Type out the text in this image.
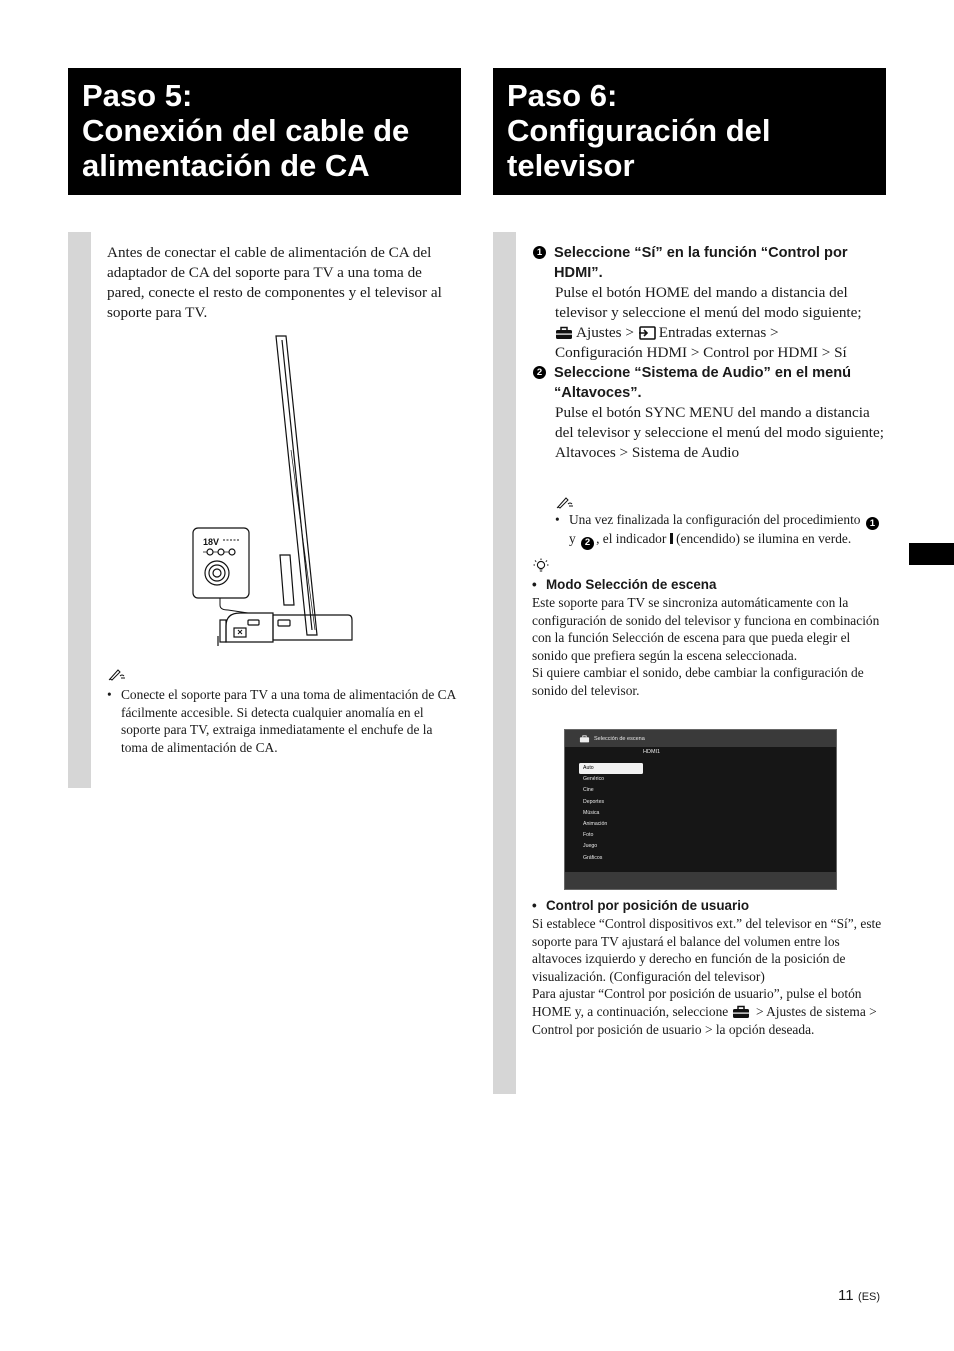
Paso 5:
Conexión del cable de
alimentación de CA
Paso 6:
Configuración del
televisor
Antes de conectar el cable de alimentación de CA del adaptador de CA del soporte para TV a una toma de pared, conecte el resto de componentes y el televisor al soporte para TV.
18V
• Conecte el soporte para TV a una toma de alimentación de CA fácilmente accesible. Si detecta cualquier anomalía en el soporte para TV, extraiga inmediatamente el enchufe de la toma de alimentación de CA.
1 Seleccione “Sí” en la función “Control por HDMI”.
Pulse el botón HOME del mando a distancia del televisor y seleccione el menú del modo siguiente;
Ajustes > Entradas externas >
Configuración HDMI > Control por HDMI > Sí
2 Seleccione “Sistema de Audio” en el menú “Altavoces”.
Pulse el botón SYNC MENU del mando a distancia del televisor y seleccione el menú del modo siguiente;
Altavoces > Sistema de Audio
• Una vez finalizada la configuración del procedimiento 1 y 2 , el indicador (encendido) se ilumina en verde.
• Modo Selección de escena
Este soporte para TV se sincroniza automáticamente con la configuración de sonido del televisor y funciona en combinación con la función Selección de escena para que pueda elegir el sonido que prefiera según la escena seleccionada.
Si quiere cambiar el sonido, debe cambiar la configuración de sonido del televisor.
Selección de escena
HDMI1
Auto
Genérico
Cine
Deportes
Música
Animación
Foto
Juego
Gráficos
• Control por posición de usuario
Si establece “Control dispositivos ext.” del televisor en “Sí”, este soporte para TV ajustará el balance del volumen entre los altavoces izquierdo y derecho en función de la posición de visualización. (Configuración del televisor)
Para ajustar “Control por posición de usuario”, pulse el botón HOME y, a continuación, seleccione > Ajustes de sistema > Control por posición de usuario > la opción deseada.
11 (ES)
